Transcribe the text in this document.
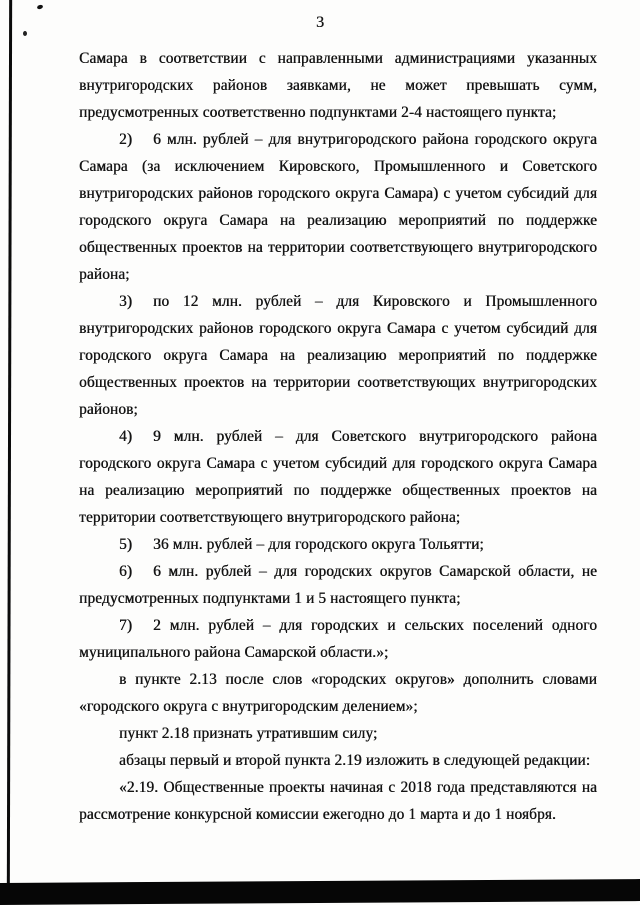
3

Самара в соответствии с направленными администрациями указанных внутригородских районов заявками, не может превышать сумм, предусмотренных соответственно подпунктами 2-4 настоящего пункта;

2) 6 млн. рублей – для внутригородского района городского округа Самара (за исключением Кировского, Промышленного и Советского внутригородских районов городского округа Самара) с учетом субсидий для городского округа Самара на реализацию мероприятий по поддержке общественных проектов на территории соответствующего внутригородского района;

3) по 12 млн. рублей – для Кировского и Промышленного внутригородских районов городского округа Самара с учетом субсидий для городского округа Самара на реализацию мероприятий по поддержке общественных проектов на территории соответствующих внутригородских районов;

4) 9 млн. рублей – для Советского внутригородского района городского округа Самара с учетом субсидий для городского округа Самара на реализацию мероприятий по поддержке общественных проектов на территории соответствующего внутригородского района;

5) 36 млн. рублей – для городского округа Тольятти;

6) 6 млн. рублей – для городских округов Самарской области, не предусмотренных подпунктами 1 и 5 настоящего пункта;

7) 2 млн. рублей – для городских и сельских поселений одного муниципального района Самарской области.»;

в пункте 2.13 после слов «городских округов» дополнить словами «городского округа с внутригородским делением»;

пункт 2.18 признать утратившим силу;

абзацы первый и второй пункта 2.19 изложить в следующей редакции:

«2.19. Общественные проекты начиная с 2018 года представляются на рассмотрение конкурсной комиссии ежегодно до 1 марта и до 1 ноября.
